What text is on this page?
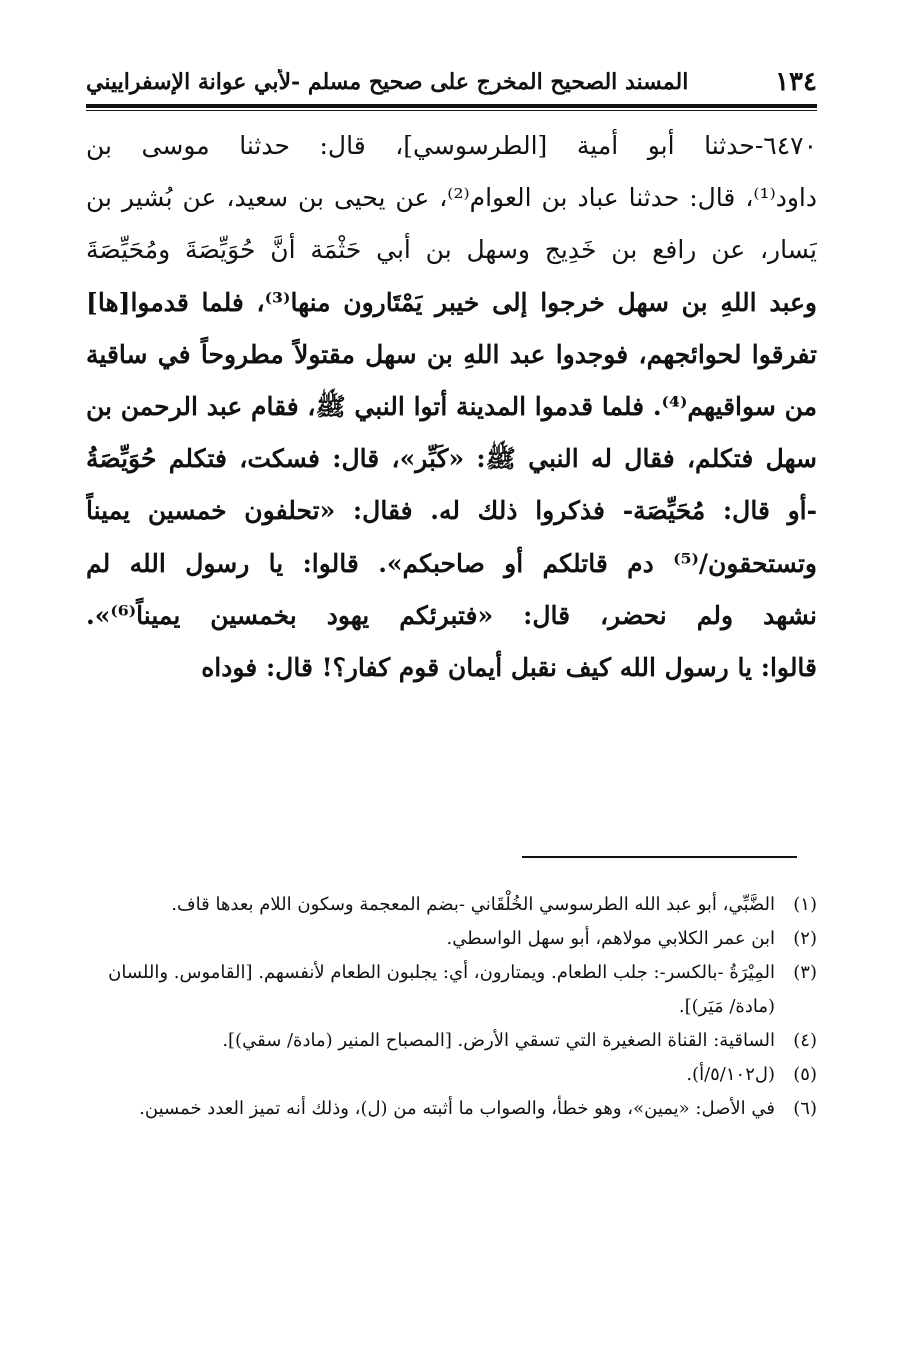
١٣٤
المسند الصحيح المخرج على صحيح مسلم -لأبي عوانة الإسفراييني
٦٤٧٠-حدثنا أبو أمية [الطرسوسي]، قال: حدثنا موسى بن
داود⁽¹⁾، قال: حدثنا عباد بن العوام⁽²⁾، عن يحيى بن سعيد، عن بُشير بن
يَسار، عن رافع بن خَدِيج وسهل بن أبي حَثْمَة أنَّ حُوَيِّصَةَ ومُحَيِّصَةَ
وعبد اللهِ بن سهل خرجوا إلى خيبر يَمْتَارون منها⁽³⁾، فلما قدموا[ها]
تفرقوا لحوائجهم، فوجدوا عبد اللهِ بن سهل مقتولاً مطروحاً في ساقية
من سواقيهم⁽⁴⁾. فلما قدموا المدينة أتوا النبي ﷺ، فقام عبد الرحمن بن
سهل فتكلم، فقال له النبي ﷺ: «كَبِّر»، قال: فسكت، فتكلم حُوَيِّصَةُ
-أو قال: مُحَيِّصَة- فذكروا ذلك له. فقال: «تحلفون خمسين يميناً
وتستحقون/⁽⁵⁾ دم قاتلكم أو صاحبكم». قالوا: يا رسول الله لم
نشهد ولم نحضر، قال: «فتبرئكم يهود بخمسين يميناً⁽⁶⁾».
قالوا: يا رسول الله كيف نقبل أيمان قوم كفار؟! قال: فوداه
(١)
الضَّبِّي، أبو عبد الله الطرسوسي الخُلْقَاني -بضم المعجمة وسكون اللام بعدها قاف.
(٢)
ابن عمر الكلابي مولاهم، أبو سهل الواسطي.
(٣)
المِيْرَةُ -بالكسر-: جلب الطعام. ويمتارون، أي: يجلبون الطعام لأنفسهم. [القاموس. واللسان (مادة/ مَيَر)].
(٤)
الساقية: القناة الصغيرة التي تسقي الأرض. [المصباح المنير (مادة/ سقي)].
(٥)
(ل٥/١٠٢/أ).
(٦)
في الأصل: «يمين»، وهو خطأ، والصواب ما أثبته من (ل)، وذلك أنه تميز العدد خمسين.
